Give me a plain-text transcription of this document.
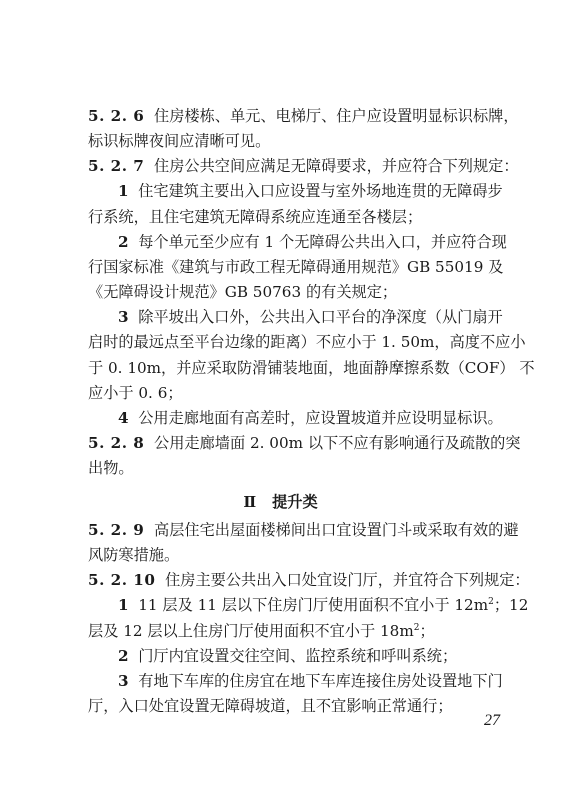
5. 2. 6 住房楼栋、单元、电梯厅、住户应设置明显标识标牌，
标识标牌夜间应清晰可见。
5. 2. 7 住房公共空间应满足无障碍要求，并应符合下列规定：
1 住宅建筑主要出入口应设置与室外场地连贯的无障碍步
行系统，且住宅建筑无障碍系统应连通至各楼层；
2 每个单元至少应有 1 个无障碍公共出入口，并应符合现
行国家标准《建筑与市政工程无障碍通用规范》GB 55019 及
《无障碍设计规范》GB 50763 的有关规定；
3 除平坡出入口外，公共出入口平台的净深度（从门扇开
启时的最远点至平台边缘的距离）不应小于 1. 50m，高度不应小
于 0. 10m，并应采取防滑铺装地面，地面静摩擦系数（COF） 不
应小于 0. 6；
4 公用走廊地面有高差时，应设置坡道并应设明显标识。
5. 2. 8 公用走廊墙面 2. 00m 以下不应有影响通行及疏散的突
出物。
Ⅱ 提升类
5. 2. 9 高层住宅出屋面楼梯间出口宜设置门斗或采取有效的避
风防寒措施。
5. 2. 10 住房主要公共出入口处宜设门厅，并宜符合下列规定：
1 11 层及 11 层以下住房门厅使用面积不宜小于 $12m^2$；12
层及 12 层以上住房门厅使用面积不宜小于 $18m^2$；
2 门厅内宜设置交往空间、监控系统和呼叫系统；
3 有地下车库的住房宜在地下车库连接住房处设置地下门
厅，入口处宜设置无障碍坡道，且不宜影响正常通行；
27
